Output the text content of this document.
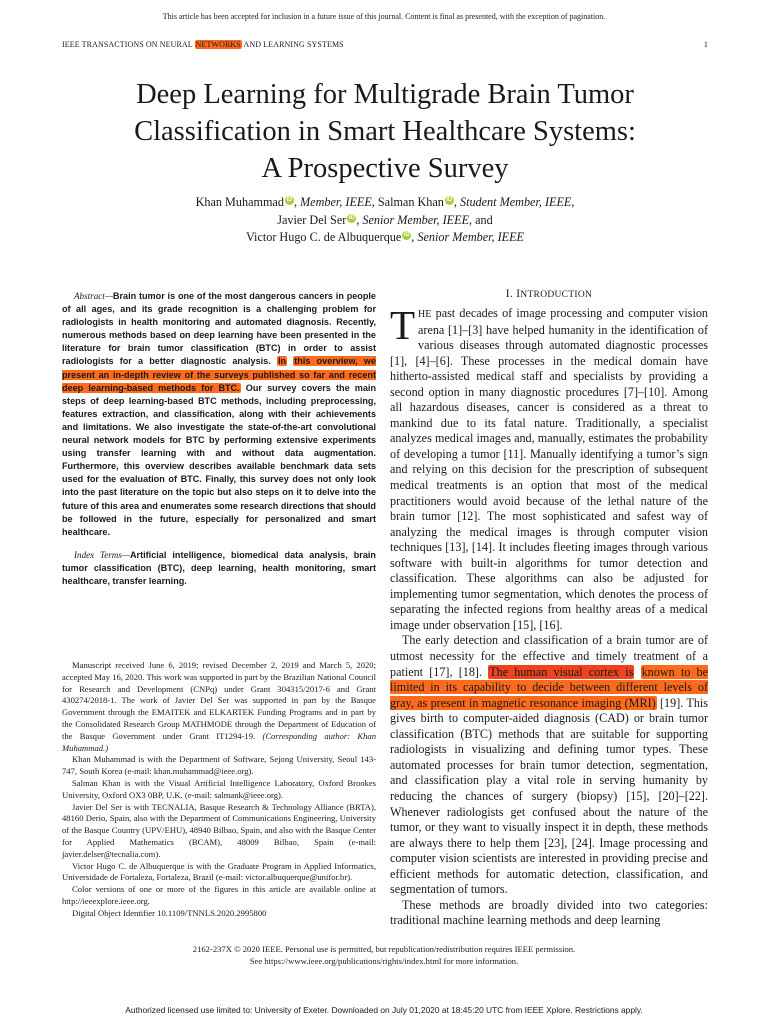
This article has been accepted for inclusion in a future issue of this journal. Content is final as presented, with the exception of pagination.
IEEE TRANSACTIONS ON NEURAL NETWORKS AND LEARNING SYSTEMS	1
Deep Learning for Multigrade Brain Tumor
Classification in Smart Healthcare Systems:
A Prospective Survey
Khan Muhammad iD , Member, IEEE, Salman Khan iD , Student Member, IEEE,
Javier Del Ser iD , Senior Member, IEEE, and
Victor Hugo C. de Albuquerque iD , Senior Member, IEEE
Abstract—Brain tumor is one of the most dangerous cancers in people of all ages, and its grade recognition is a challenging problem for radiologists in health monitoring and automated diagnosis. Recently, numerous methods based on deep learning have been presented in the literature for brain tumor classification (BTC) in order to assist radiologists for a better diagnostic analysis. In this overview, we present an in-depth review of the surveys published so far and recent deep learning-based methods for BTC. Our survey covers the main steps of deep learning-based BTC methods, including preprocessing, features extraction, and classification, along with their achievements and limitations. We also investigate the state-of-the-art convolutional neural network models for BTC by performing extensive experiments using transfer learning with and without data augmentation. Furthermore, this overview describes available benchmark data sets used for the evaluation of BTC. Finally, this survey does not only look into the past literature on the topic but also steps on it to delve into the future of this area and enumerates some research directions that should be followed in the future, especially for personalized and smart healthcare.
Index Terms—Artificial intelligence, biomedical data analysis, brain tumor classification (BTC), deep learning, health monitoring, smart healthcare, transfer learning.

Manuscript received June 6, 2019; revised December 2, 2019 and March 5, 2020; accepted May 16, 2020. This work was supported in part by the Brazilian National Council for Research and Development (CNPq) under Grant 304315/2017-6 and Grant 430274/2018-1. The work of Javier Del Ser was supported in part by the Basque Government through the EMAITEK and ELKARTEK Funding Programs and in part by the Consolidated Research Group MATHMODE through the Department of Education of the Basque Government under Grant IT1294-19. (Corresponding author: Khan Muhammad.)

Khan Muhammad is with the Department of Software, Sejong University, Seoul 143-747, South Korea (e-mail: khan.muhammad@ieee.org).

Salman Khan is with the Visual Artificial Intelligence Laboratory, Oxford Brookes University, Oxford OX3 0BP, U.K. (e-mail: salmank@ieee.org).

Javier Del Ser is with TECNALIA, Basque Research & Technology Alliance (BRTA), 48160 Derio, Spain, also with the Department of Communications Engineering, University of the Basque Country (UPV/EHU), 48940 Bilbao, Spain, and also with the Basque Center for Applied Mathematics (BCAM), 48009 Bilbao, Spain (e-mail: javier.delser@tecnalia.com).

Victor Hugo C. de Albuquerque is with the Graduate Program in Applied Informatics, Universidade de Fortaleza, Fortaleza, Brazil (e-mail: victor.albuquerque@unifor.br).

Color versions of one or more of the figures in this article are available online at http://ieeexplore.ieee.org.

Digital Object Identifier 10.1109/TNNLS.2020.2995800

I. INTRODUCTION

THE past decades of image processing and computer vision arena [1]–[3] have helped humanity in the identification of various diseases through automated diagnostic processes [1], [4]–[6]. These processes in the medical domain have hitherto-assisted medical staff and specialists by providing a second option in many diagnostic procedures [7]–[10]. Among all hazardous diseases, cancer is considered as a threat to mankind due to its fatal nature. Traditionally, a specialist analyzes medical images and, manually, estimates the probability of developing a tumor [11]. Manually identifying a tumor’s sign and relying on this decision for the prescription of subsequent medical treatments is an option that most of the medical practitioners would avoid because of the lethal nature of the brain tumor [12]. The most sophisticated and safest way of analyzing the medical images is through computer vision techniques [13], [14]. It includes fleeting images through various software with built-in algorithms for tumor detection and classification. These algorithms can also be adjusted for implementing tumor segmentation, which denotes the process of separating the infected regions from healthy areas of a medical image under observation [15], [16].

The early detection and classification of a brain tumor are of utmost necessity for the effective and timely treatment of a patient [17], [18]. The human visual cortex is known to be limited in its capability to decide between different levels of gray, as present in magnetic resonance imaging (MRI) [19]. This gives birth to computer-aided diagnosis (CAD) or brain tumor classification (BTC) methods that are suitable for supporting radiologists in visualizing and defining tumor types. These automated processes for brain tumor detection, segmentation, and classification play a vital role in serving humanity by reducing the chances of surgery (biopsy) [15], [20]–[22]. Whenever radiologists get confused about the nature of the tumor, or they want to visually inspect it in depth, these methods are always there to help them [23], [24]. Image processing and computer vision scientists are interested in providing precise and efficient methods for automatic detection, classification, and segmentation of tumors.

These methods are broadly divided into two categories: traditional machine learning methods and deep learning

2162-237X © 2020 IEEE. Personal use is permitted, but republication/redistribution requires IEEE permission.
See https://www.ieee.org/publications/rights/index.html for more information.
Authorized licensed use limited to: University of Exeter. Downloaded on July 01,2020 at 18:45:20 UTC from IEEE Xplore. Restrictions apply.
